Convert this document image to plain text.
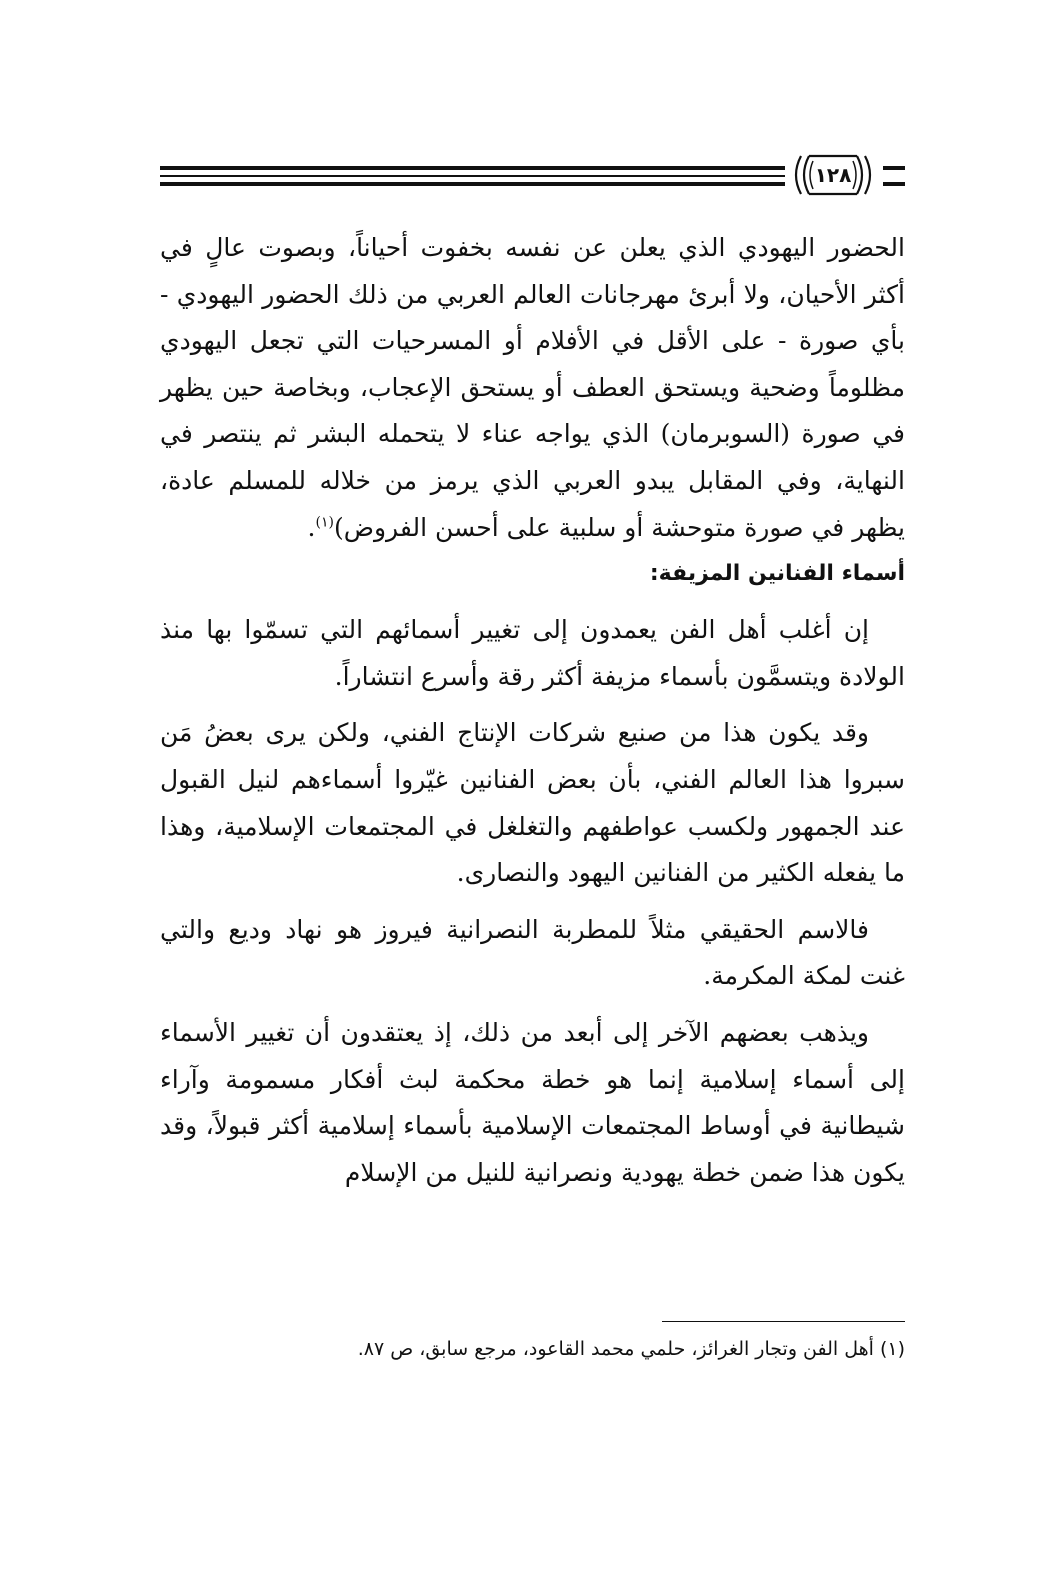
١٢٨

الحضور اليهودي الذي يعلن عن نفسه بخفوت أحياناً، وبصوت عالٍ في أكثر الأحيان، ولا أبرئ مهرجانات العالم العربي من ذلك الحضور اليهودي - بأي صورة - على الأقل في الأفلام أو المسرحيات التي تجعل اليهودي مظلوماً وضحية ويستحق العطف أو يستحق الإعجاب، وبخاصة حين يظهر في صورة (السوبرمان) الذي يواجه عناء لا يتحمله البشر ثم ينتصر في النهاية، وفي المقابل يبدو العربي الذي يرمز من خلاله للمسلم عادة، يظهر في صورة متوحشة أو سلبية على أحسن الفروض)$^{(١)}$.

أسماء الفنانين المزيفة:

إن أغلب أهل الفن يعمدون إلى تغيير أسمائهم التي تسمّوا بها منذ الولادة ويتسمَّون بأسماء مزيفة أكثر رقة وأسرع انتشاراً.

وقد يكون هذا من صنيع شركات الإنتاج الفني، ولكن يرى بعضُ مَن سبروا هذا العالم الفني، بأن بعض الفنانين غيّروا أسماءهم لنيل القبول عند الجمهور ولكسب عواطفهم والتغلغل في المجتمعات الإسلامية، وهذا ما يفعله الكثير من الفنانين اليهود والنصارى.

فالاسم الحقيقي مثلاً للمطربة النصرانية فيروز هو نهاد وديع والتي غنت لمكة المكرمة.

ويذهب بعضهم الآخر إلى أبعد من ذلك، إذ يعتقدون أن تغيير الأسماء إلى أسماء إسلامية إنما هو خطة محكمة لبث أفكار مسمومة وآراء شيطانية في أوساط المجتمعات الإسلامية بأسماء إسلامية أكثر قبولاً، وقد يكون هذا ضمن خطة يهودية ونصرانية للنيل من الإسلام

(١) أهل الفن وتجار الغرائز، حلمي محمد القاعود، مرجع سابق، ص ٨٧.
